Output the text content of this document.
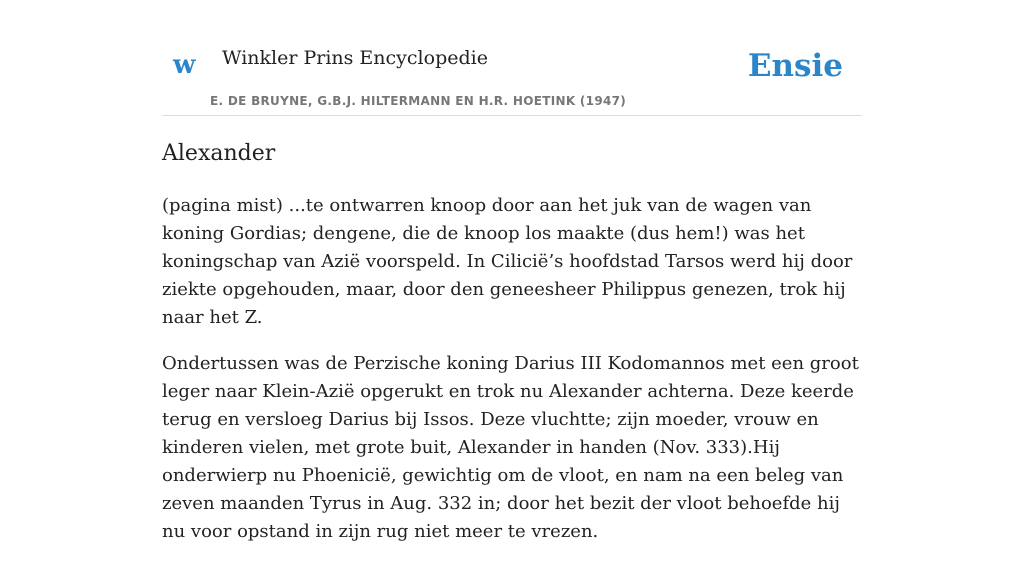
w Winkler Prins Encyclopedie	Ensie
E. DE BRUYNE, G.B.J. HILTERMANN EN H.R. HOETINK (1947)
Alexander

(pagina mist) ...te ontwarren knoop door aan het juk van de wagen van koning Gordias; dengene, die de knoop los maakte (dus hem!) was het koningschap van Azië voorspeld. In Cilicië’s hoofdstad Tarsos werd hij door ziekte opgehouden, maar, door den geneesheer Philippus genezen, trok hij naar het Z.

Ondertussen was de Perzische koning Darius III Kodomannos met een groot leger naar Klein-Azië opgerukt en trok nu Alexander achterna. Deze keerde terug en versloeg Darius bij Issos. Deze vluchtte; zijn moeder, vrouw en kinderen vielen, met grote buit, Alexander in handen (Nov. 333).Hij onderwierp nu Phoenicië, gewichtig om de vloot, en nam na een beleg van zeven maanden Tyrus in Aug. 332 in; door het bezit der vloot behoefde hij nu voor opstand in zijn rug niet meer te vrezen.
